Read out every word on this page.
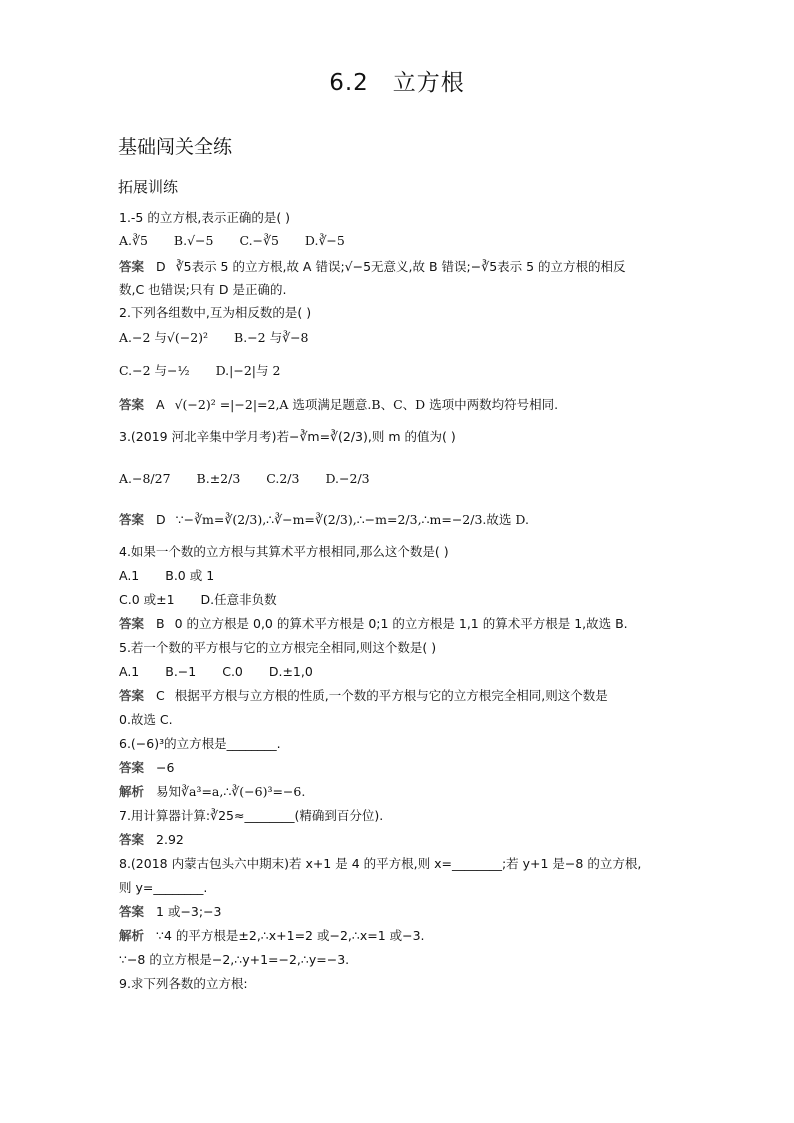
6.2 立方根
基础闯关全练
拓展训练
1.-5 的立方根,表示正确的是( )
A.∛5 B.√−5 C.−∛5 D.∛−5
答案 D ∛5表示 5 的立方根,故 A 错误;√−5无意义,故 B 错误;−∛5表示 5 的立方根的相反
数,C 也错误;只有 D 是正确的.
2.下列各组数中,互为相反数的是( )
A.−2 与√(−2)² B.−2 与∛−8
C.−2 与−½ D.|−2|与 2
答案 A √(−2)² =|−2|=2,A 选项满足题意.B、C、D 选项中两数均符号相同.
3.(2019 河北辛集中学月考)若−∛m=∛(2/3),则 m 的值为( )
A.−8/27 B.±2/3 C.2/3 D.−2/3
答案 D ∵−∛m=∛(2/3),∴∛−m=∛(2/3),∴−m=2/3,∴m=−2/3.故选 D.
4.如果一个数的立方根与其算术平方根相同,那么这个数是( )
A.1 B.0 或 1
C.0 或±1 D.任意非负数
答案 B 0 的立方根是 0,0 的算术平方根是 0;1 的立方根是 1,1 的算术平方根是 1,故选 B.
5.若一个数的平方根与它的立方根完全相同,则这个数是( )
A.1 B.−1 C.0 D.±1,0
答案 C 根据平方根与立方根的性质,一个数的平方根与它的立方根完全相同,则这个数是
0.故选 C.
6.(−6)³的立方根是________.
答案 −6
解析 易知∛a³=a,∴∛(−6)³=−6.
7.用计算器计算:∛25≈________(精确到百分位).
答案 2.92
8.(2018 内蒙古包头六中期末)若 x+1 是 4 的平方根,则 x=________;若 y+1 是−8 的立方根,
则 y=________.
答案 1 或−3;−3
解析 ∵4 的平方根是±2,∴x+1=2 或−2,∴x=1 或−3.
∵−8 的立方根是−2,∴y+1=−2,∴y=−3.
9.求下列各数的立方根:
